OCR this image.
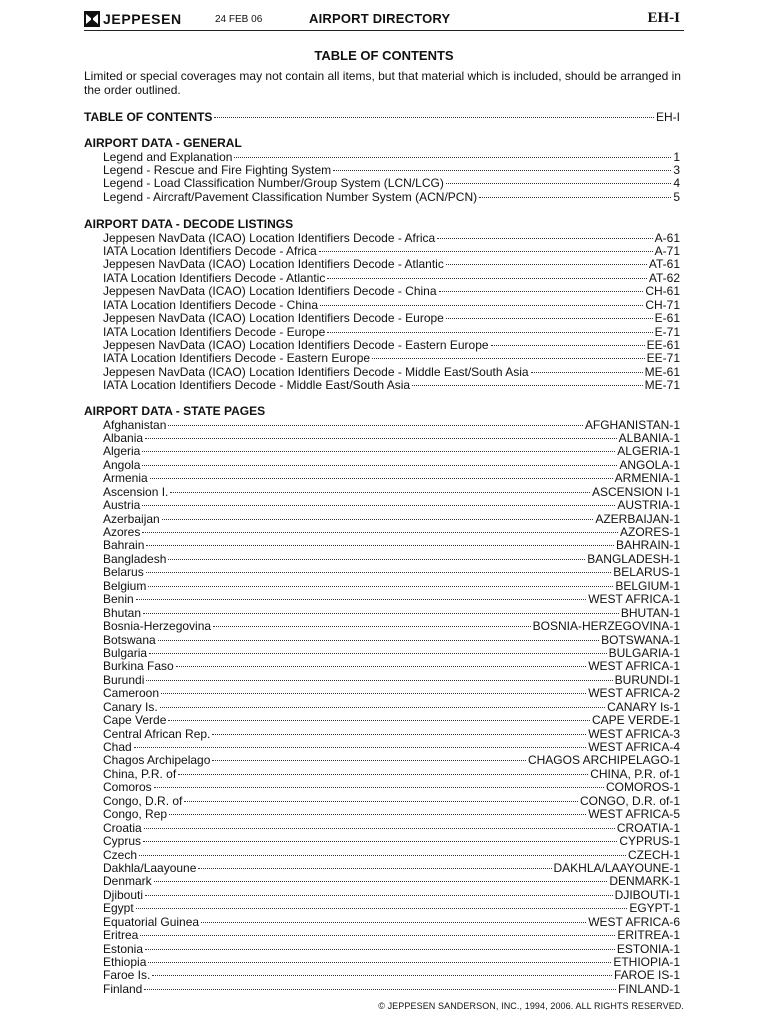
JEPPESEN	24 FEB 06	AIRPORT DIRECTORY	EH-I
TABLE OF CONTENTS
Limited or special coverages may not contain all items, but that material which is included, should be arranged in the order outlined.
TABLE OF CONTENTS	EH-I
AIRPORT DATA - GENERAL
Legend and Explanation	1
Legend - Rescue and Fire Fighting System	3
Legend - Load Classification Number/Group System (LCN/LCG)	4
Legend - Aircraft/Pavement Classification Number System (ACN/PCN)	5
AIRPORT DATA - DECODE LISTINGS
Jeppesen NavData (ICAO) Location Identifiers Decode - Africa	A-61
IATA Location Identifiers Decode - Africa	A-71
Jeppesen NavData (ICAO) Location Identifiers Decode - Atlantic	AT-61
IATA Location Identifiers Decode - Atlantic	AT-62
Jeppesen NavData (ICAO) Location Identifiers Decode - China	CH-61
IATA Location Identifiers Decode - China	CH-71
Jeppesen NavData (ICAO) Location Identifiers Decode - Europe	E-61
IATA Location Identifiers Decode - Europe	E-71
Jeppesen NavData (ICAO) Location Identifiers Decode - Eastern Europe	EE-61
IATA Location Identifiers Decode - Eastern Europe	EE-71
Jeppesen NavData (ICAO) Location Identifiers Decode - Middle East/South Asia	ME-61
IATA Location Identifiers Decode - Middle East/South Asia	ME-71
AIRPORT DATA - STATE PAGES
Afghanistan	AFGHANISTAN-1
Albania	ALBANIA-1
Algeria	ALGERIA-1
Angola	ANGOLA-1
Armenia	ARMENIA-1
Ascension I.	ASCENSION I-1
Austria	AUSTRIA-1
Azerbaijan	AZERBAIJAN-1
Azores	AZORES-1
Bahrain	BAHRAIN-1
Bangladesh	BANGLADESH-1
Belarus	BELARUS-1
Belgium	BELGIUM-1
Benin	WEST AFRICA-1
Bhutan	BHUTAN-1
Bosnia-Herzegovina	BOSNIA-HERZEGOVINA-1
Botswana	BOTSWANA-1
Bulgaria	BULGARIA-1
Burkina Faso	WEST AFRICA-1
Burundi	BURUNDI-1
Cameroon	WEST AFRICA-2
Canary Is.	CANARY Is-1
Cape Verde	CAPE VERDE-1
Central African Rep.	WEST AFRICA-3
Chad	WEST AFRICA-4
Chagos Archipelago	CHAGOS ARCHIPELAGO-1
China, P.R. of	CHINA, P.R. of-1
Comoros	COMOROS-1
Congo, D.R. of	CONGO, D.R. of-1
Congo, Rep	WEST AFRICA-5
Croatia	CROATIA-1
Cyprus	CYPRUS-1
Czech	CZECH-1
Dakhla/Laayoune	DAKHLA/LAAYOUNE-1
Denmark	DENMARK-1
Djibouti	DJIBOUTI-1
Egypt	EGYPT-1
Equatorial Guinea	WEST AFRICA-6
Eritrea	ERITREA-1
Estonia	ESTONIA-1
Ethiopia	ETHIOPIA-1
Faroe Is.	FAROE IS-1
Finland	FINLAND-1
© JEPPESEN SANDERSON, INC., 1994, 2006. ALL RIGHTS RESERVED.
